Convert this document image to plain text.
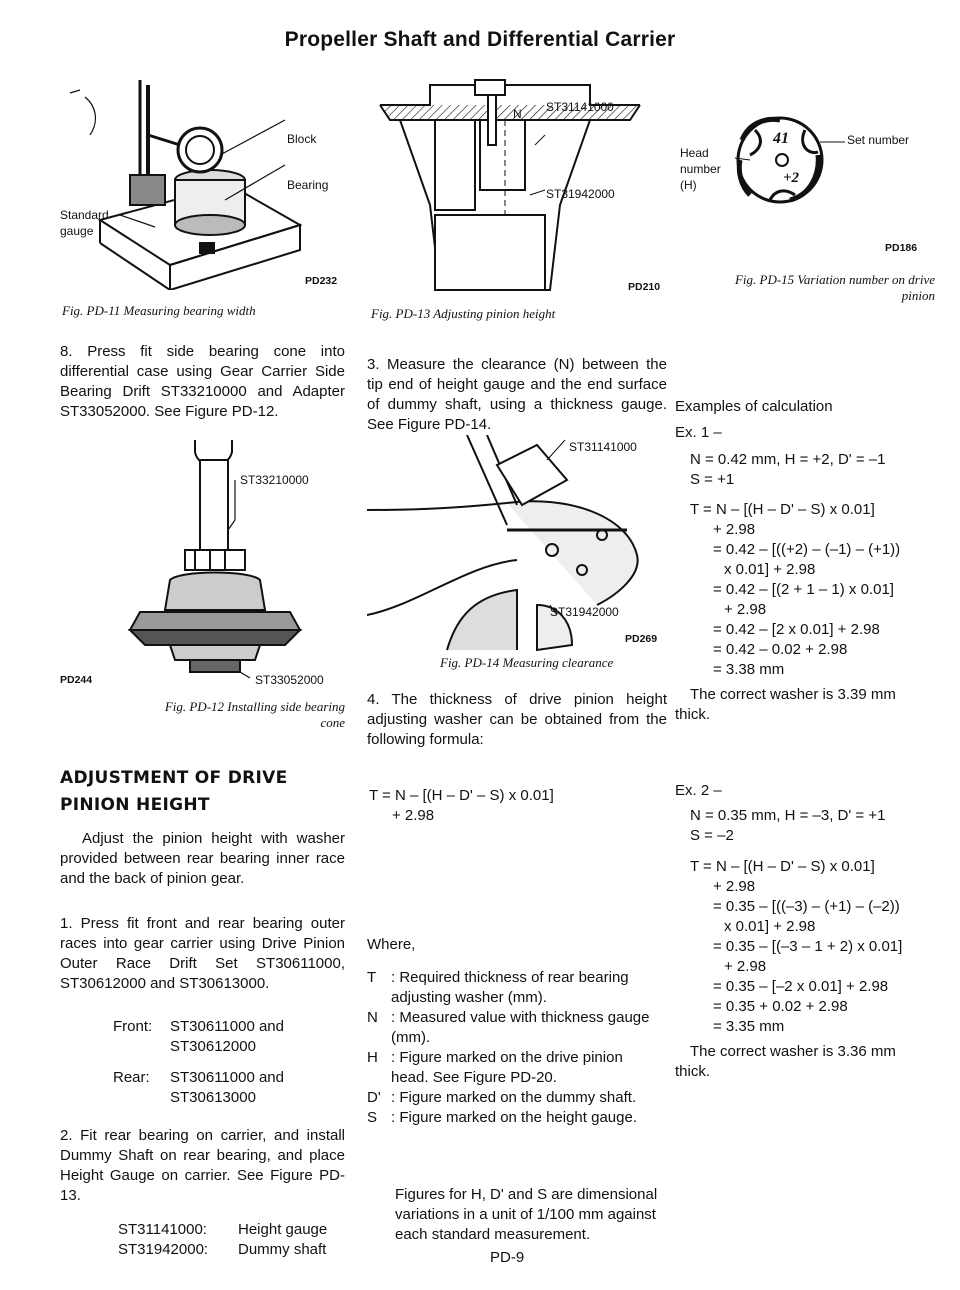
Propeller Shaft and Differential Carrier
Block
Bearing
Standard
gauge
PD232
Fig. PD-11 Measuring bearing width

8. Press fit side bearing cone into differential case using Gear Carrier Side Bearing Drift ST33210000 and Adapter ST33052000. See Figure PD-12.

ST33210000
ST33052000
PD244
Fig. PD-12 Installing side bearing
cone
ADJUSTMENT OF DRIVE
PINION HEIGHT

Adjust the pinion height with washer provided between rear bearing inner race and the back of pinion gear.

1. Press fit front and rear bearing outer races into gear carrier using Drive Pinion Outer Race Drift Set ST30611000, ST30612000 and ST30613000.

Front:	ST30611000 and
ST30612000
Rear:	ST30611000 and
ST30613000

2. Fit rear bearing on carrier, and install Dummy Shaft on rear bearing, and place Height Gauge on carrier. See Figure PD-13.

ST31141000:	Height gauge
ST31942000:	Dummy shaft
ST31141000
N
ST31942000
PD210
Fig. PD-13 Adjusting pinion height

3. Measure the clearance (N) between the tip end of height gauge and the end surface of dummy shaft, using a thickness gauge. See Figure PD-14.

ST31141000
ST31942000
PD269
Fig. PD-14 Measuring clearance

4. The thickness of drive pinion height adjusting washer can be obtained from the following formula:

T = N – [(H – D' – S) x 0.01]
+ 2.98
Where,
T : Required thickness of rear bearing adjusting washer (mm).
N : Measured value with thickness gauge (mm).
H : Figure marked on the drive pinion head. See Figure PD-20.
D' : Figure marked on the dummy shaft.
S : Figure marked on the height gauge.

Figures for H, D' and S are dimensional variations in a unit of 1/100 mm against each standard measurement.

PD-9
41
+2
Head
number
(H)
Set number
PD186
Fig. PD-15 Variation number on drive
pinion
Examples of calculation
Ex. 1 –
N = 0.42 mm, H = +2, D' = –1
S = +1
T = N – [(H – D' – S) x 0.01]
+ 2.98
= 0.42 – [((+2) – (–1) – (+1))
x 0.01] + 2.98
= 0.42 – [(2 + 1 – 1) x 0.01]
+ 2.98
= 0.42 – [2 x 0.01] + 2.98
= 0.42 – 0.02 + 2.98
= 3.38 mm
The correct washer is 3.39 mm
thick.
Ex. 2 –
N = 0.35 mm, H = –3, D' = +1
S = –2
T = N – [(H – D' – S) x 0.01]
+ 2.98
= 0.35 – [((–3) – (+1) – (–2))
x 0.01] + 2.98
= 0.35 – [(–3 – 1 + 2) x 0.01]
+ 2.98
= 0.35 – [–2 x 0.01] + 2.98
= 0.35 + 0.02 + 2.98
= 3.35 mm
The correct washer is 3.36 mm
thick.
